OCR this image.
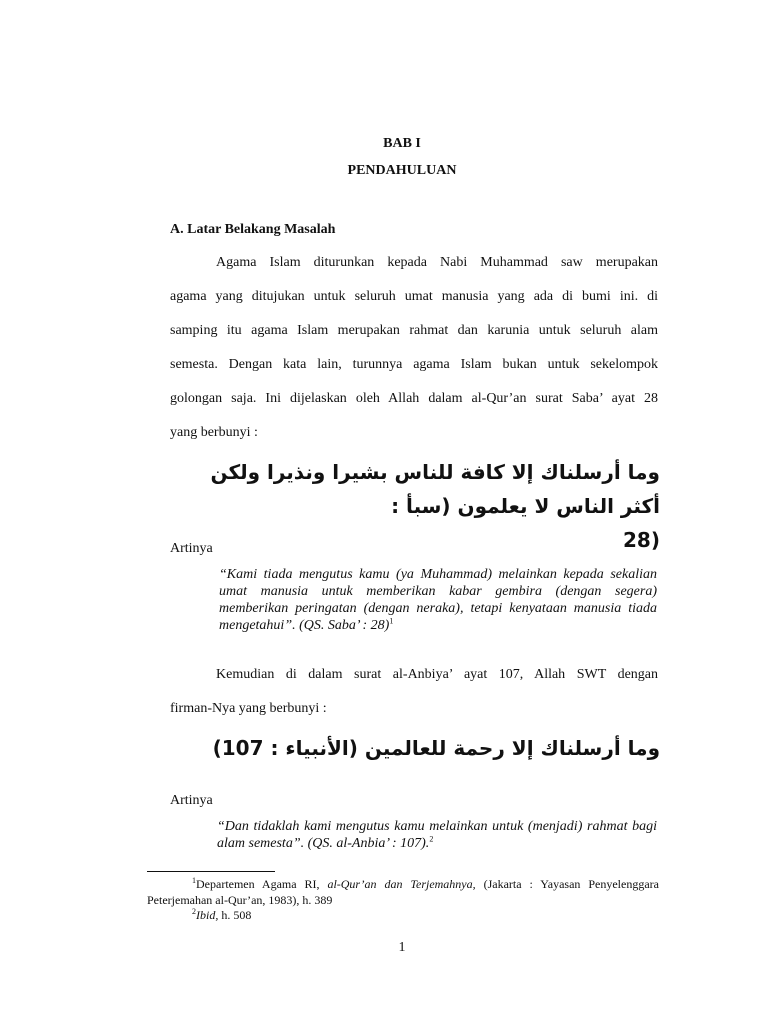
BAB I
PENDAHULUAN
A. Latar Belakang Masalah
Agama Islam diturunkan kepada Nabi Muhammad saw merupakan
agama yang ditujukan untuk seluruh umat manusia yang ada di bumi ini. di
samping itu agama Islam merupakan rahmat dan karunia untuk seluruh alam
semesta. Dengan kata lain, turunnya agama Islam bukan untuk sekelompok
golongan saja. Ini dijelaskan oleh Allah dalam al-Qur’an surat Saba’ ayat 28
yang berbunyi :
وما أرسلناك إلا كافة للناس بشيرا ونذيرا ولكن أكثر الناس لا يعلمون (سبأ :
(28
Artinya
“Kami tiada mengutus kamu (ya Muhammad) melainkan kepada sekalian umat manusia untuk memberikan kabar gembira (dengan segera) memberikan peringatan (dengan neraka), tetapi kenyataan manusia tiada mengetahui”. (QS. Saba’ : 28)$^1$
Kemudian di dalam surat al-Anbiya’ ayat 107, Allah SWT dengan
firman-Nya yang berbunyi :
وما أرسلناك إلا رحمة للعالمين (الأنبياء : 107)
Artinya
“Dan tidaklah kami mengutus kamu melainkan untuk (menjadi) rahmat bagi alam semesta”. (QS. al-Anbia’ : 107).$^2$
$^1$Departemen Agama RI, al-Qur’an dan Terjemahnya, (Jakarta : Yayasan Penyelenggara Peterjemahan al-Qur’an, 1983), h. 389
$^2$Ibid, h. 508
1
